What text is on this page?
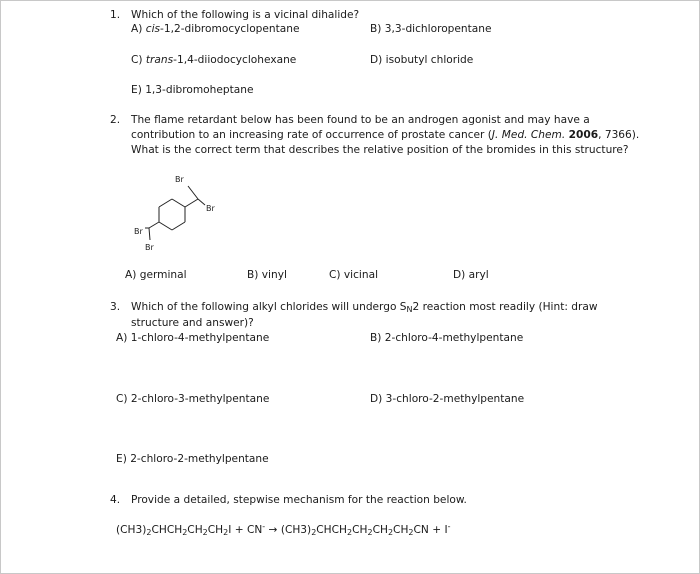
1. Which of the following is a vicinal dihalide?
A) cis-1,2-dibromocyclopentane	B) 3,3-dichloropentane
C) trans-1,4-diiodocyclohexane	D) isobutyl chloride
E) 1,3-dibromoheptane
2. The flame retardant below has been found to be an androgen agonist and may have a
contribution to an increasing rate of occurrence of prostate cancer (J. Med. Chem. 2006, 7366).
What is the correct term that describes the relative position of the bromides in this structure?
Br
Br
Br
Br
A) germinal	B) vinyl	C) vicinal	D) aryl
3. Which of the following alkyl chlorides will undergo $S_N2$ reaction most readily (Hint: draw
structure and answer)?
A) 1-chloro-4-methylpentane	B) 2-chloro-4-methylpentane
C) 2-chloro-3-methylpentane	D) 3-chloro-2-methylpentane
E) 2-chloro-2-methylpentane
4. Provide a detailed, stepwise mechanism for the reaction below.
$(CH3)_2CHCH_2CH_2CH_2I + CN^-$ → $(CH3)_2CHCH_2CH_2CH_2CH_2CN + I^-$
